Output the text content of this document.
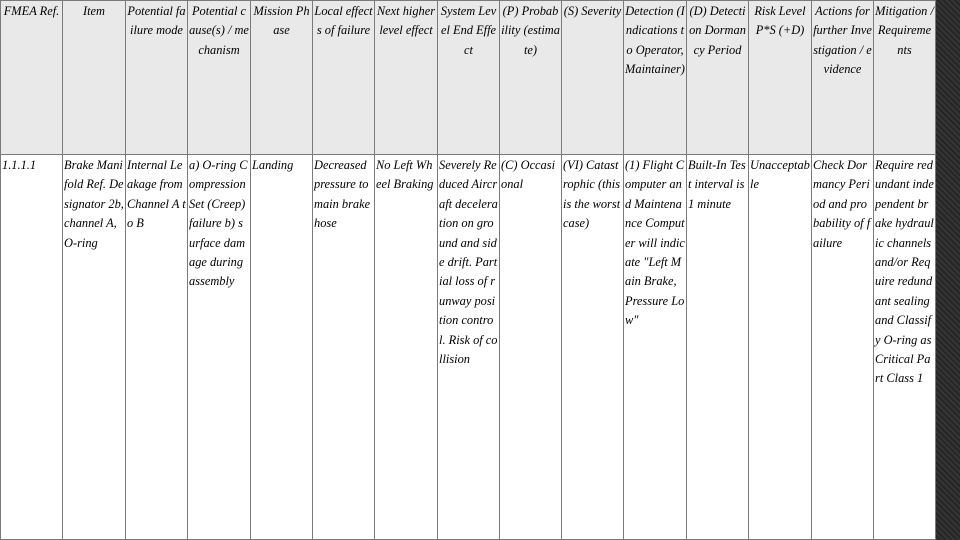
FMEA Ref.	Item	Potential failure mode	Potential cause(s) / mechanism	Mission Phase	Local effects of failure	Next higher level effect	System Level End Effect	(P) Probability (estimate)	(S) Severity	Detection (Indications to Operator, Maintainer)	(D) Detection Dormancy Period	Risk Level P*S (+D)	Actions for further Investigation / evidence	Mitigation / Requirements
1.1.1.1	Brake Manifold Ref. Designator 2b, channel A, O-ring	Internal Leakage from Channel A to B	a) O-ring Compression Set (Creep) failure b) surface damage during assembly	Landing	Decreased pressure to main brake hose	No Left Wheel Braking	Severely Reduced Aircraft deceleration on ground and side drift. Partial loss of runway position control. Risk of collision	(C) Occasional	(VI) Catastrophic (this is the worst case)	(1) Flight Computer and Maintenance Computer will indicate "Left Main Brake, Pressure Low"	Built-In Test interval is 1 minute	Unacceptable	Check Dormancy Period and probability of failure	Require redundant independent brake hydraulic channels and/or Require redundant sealing and Classify O-ring as Critical Part Class 1
